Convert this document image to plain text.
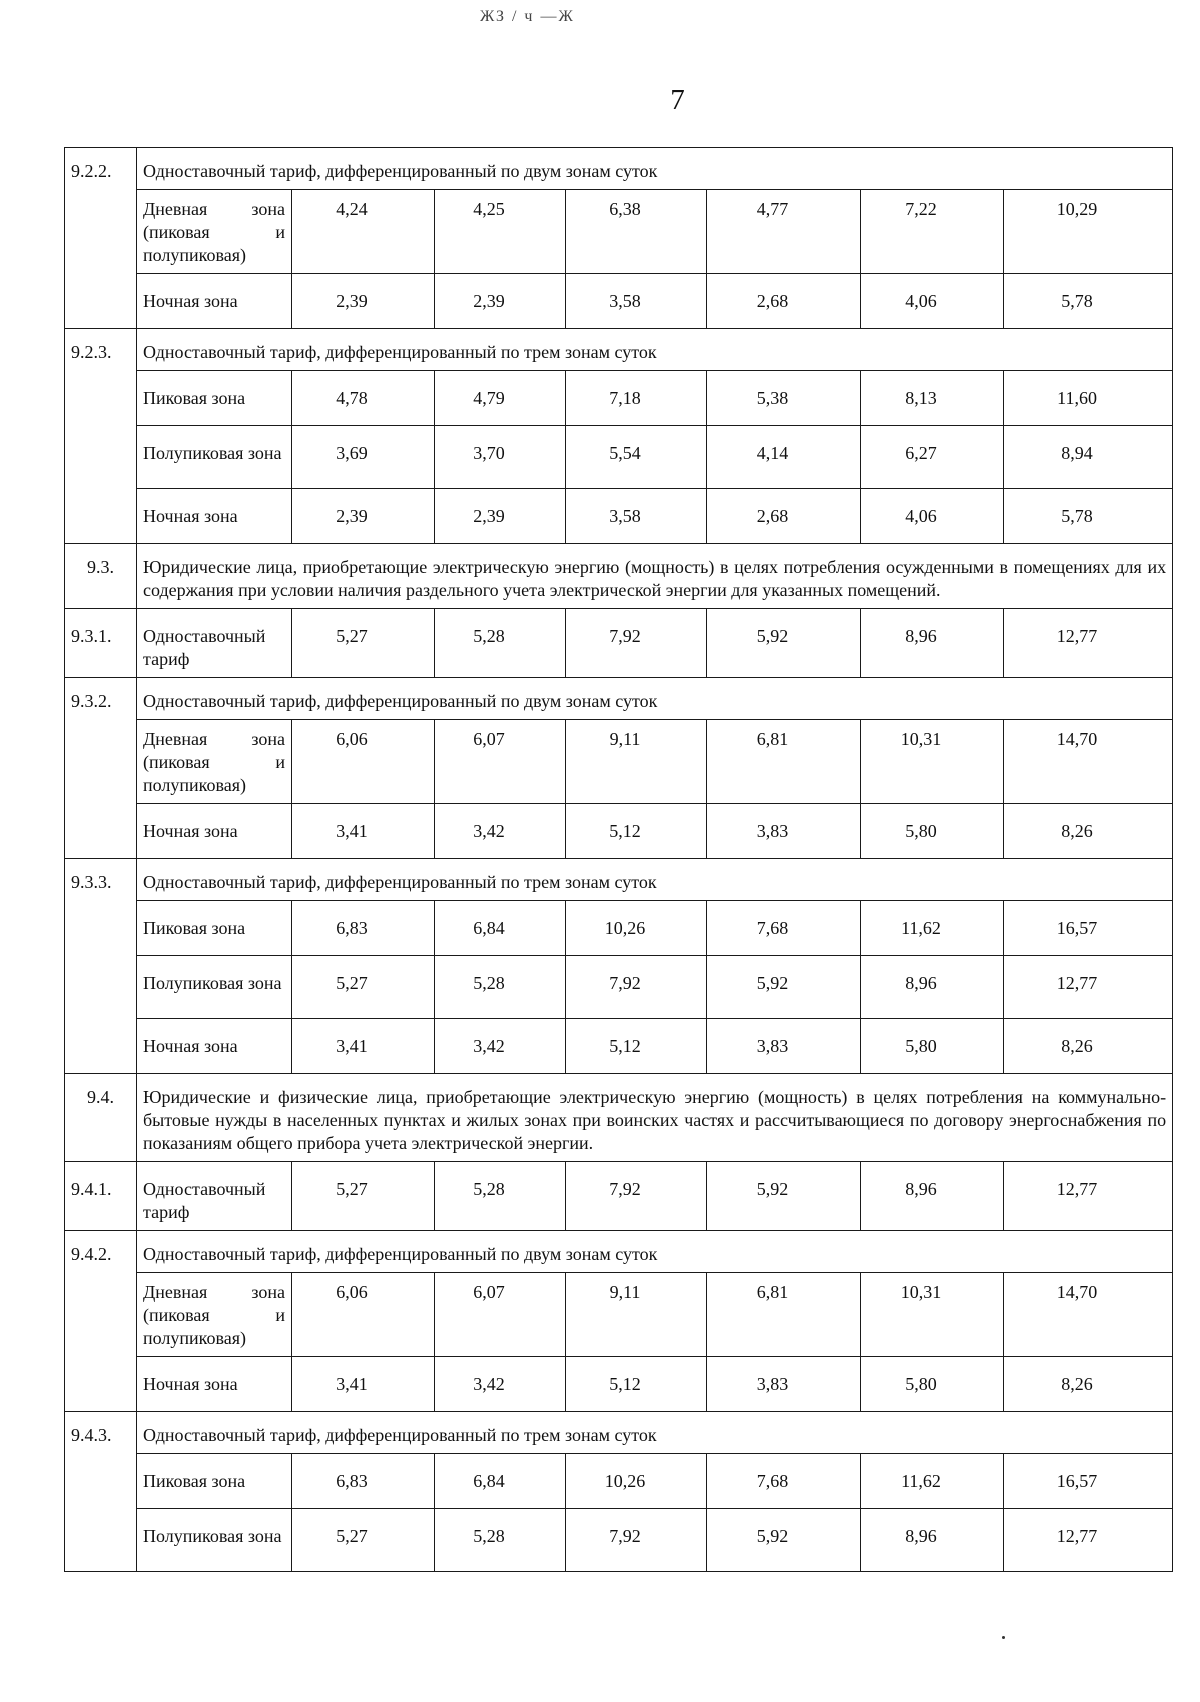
ЖЗ / ч —Ж
7
9.2.2.	Одноставочный тариф, дифференцированный по двум зонам суток						
	Дневная зона (пиковая и полупиковая)	4,24	4,25	6,38	4,77	7,22	10,29
	Ночная зона	2,39	2,39	3,58	2,68	4,06	5,78
9.2.3.	Одноставочный тариф, дифференцированный по трем зонам суток						
	Пиковая зона	4,78	4,79	7,18	5,38	8,13	11,60
	Полупиковая зона	3,69	3,70	5,54	4,14	6,27	8,94
	Ночная зона	2,39	2,39	3,58	2,68	4,06	5,78
9.3.	Юридические лица, приобретающие электрическую энергию (мощность) в целях потребления осужденными в помещениях для их содержания при условии наличия раздельного учета электрической энергии для указанных помещений.						
9.3.1.	Одноставочный тариф	5,27	5,28	7,92	5,92	8,96	12,77
9.3.2.	Одноставочный тариф, дифференцированный по двум зонам суток						
	Дневная зона (пиковая и полупиковая)	6,06	6,07	9,11	6,81	10,31	14,70
	Ночная зона	3,41	3,42	5,12	3,83	5,80	8,26
9.3.3.	Одноставочный тариф, дифференцированный по трем зонам суток						
	Пиковая зона	6,83	6,84	10,26	7,68	11,62	16,57
	Полупиковая зона	5,27	5,28	7,92	5,92	8,96	12,77
	Ночная зона	3,41	3,42	5,12	3,83	5,80	8,26
9.4.	Юридические и физические лица, приобретающие электрическую энергию (мощность) в целях потребления на коммунально-бытовые нужды в населенных пунктах и жилых зонах при воинских частях и рассчитывающиеся по договору энергоснабжения по показаниям общего прибора учета электрической энергии.						
9.4.1.	Одноставочный тариф	5,27	5,28	7,92	5,92	8,96	12,77
9.4.2.	Одноставочный тариф, дифференцированный по двум зонам суток						
	Дневная зона (пиковая и полупиковая)	6,06	6,07	9,11	6,81	10,31	14,70
	Ночная зона	3,41	3,42	5,12	3,83	5,80	8,26
9.4.3.	Одноставочный тариф, дифференцированный по трем зонам суток						
	Пиковая зона	6,83	6,84	10,26	7,68	11,62	16,57
	Полупиковая зона	5,27	5,28	7,92	5,92	8,96	12,77
